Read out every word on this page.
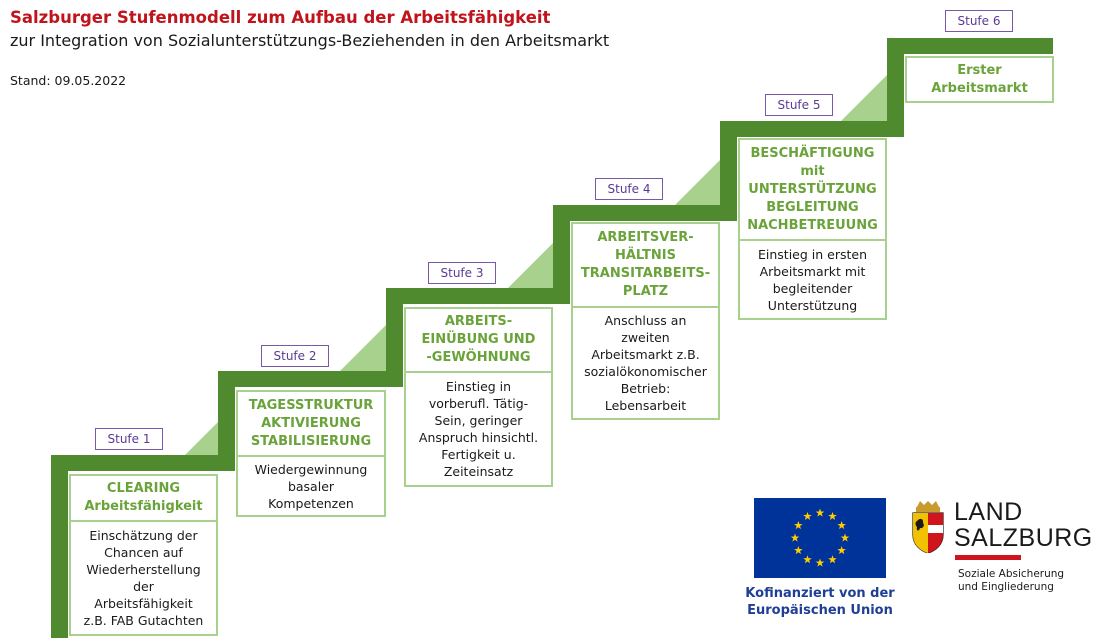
Salzburger Stufenmodell zum Aufbau der Arbeitsfähigkeit
zur Integration von Sozialunterstützungs-Beziehenden in den Arbeitsmarkt
Stand: 09.05.2022
Stufe 1
Stufe 2
Stufe 3
Stufe 4
Stufe 5
Stufe 6
CLEARING
Arbeitsfähigkeit
Einschätzung der
Chancen auf
Wiederherstellung
der
Arbeitsfähigkeit
z.B. FAB Gutachten
TAGESSTRUKTUR
AKTIVIERUNG
STABILISIERUNG
Wiedergewinnung
basaler
Kompetenzen
ARBEITS-
EINÜBUNG UND
-GEWÖHNUNG
Einstieg in
vorberufl. Tätig-
Sein, geringer
Anspruch hinsichtl.
Fertigkeit u.
Zeiteinsatz
ARBEITSVER-
HÄLTNIS
TRANSITARBEITS-
PLATZ
Anschluss an
zweiten
Arbeitsmarkt z.B.
sozialökonomischer
Betrieb:
Lebensarbeit
BESCHÄFTIGUNG
mit
UNTERSTÜTZUNG
BEGLEITUNG
NACHBETREUUNG
Einstieg in ersten
Arbeitsmarkt mit
begleitender
Unterstützung
Erster
Arbeitsmarkt
Kofinanziert von der
Europäischen Union
LAND
SALZBURG
Soziale Absicherung
und Eingliederung
